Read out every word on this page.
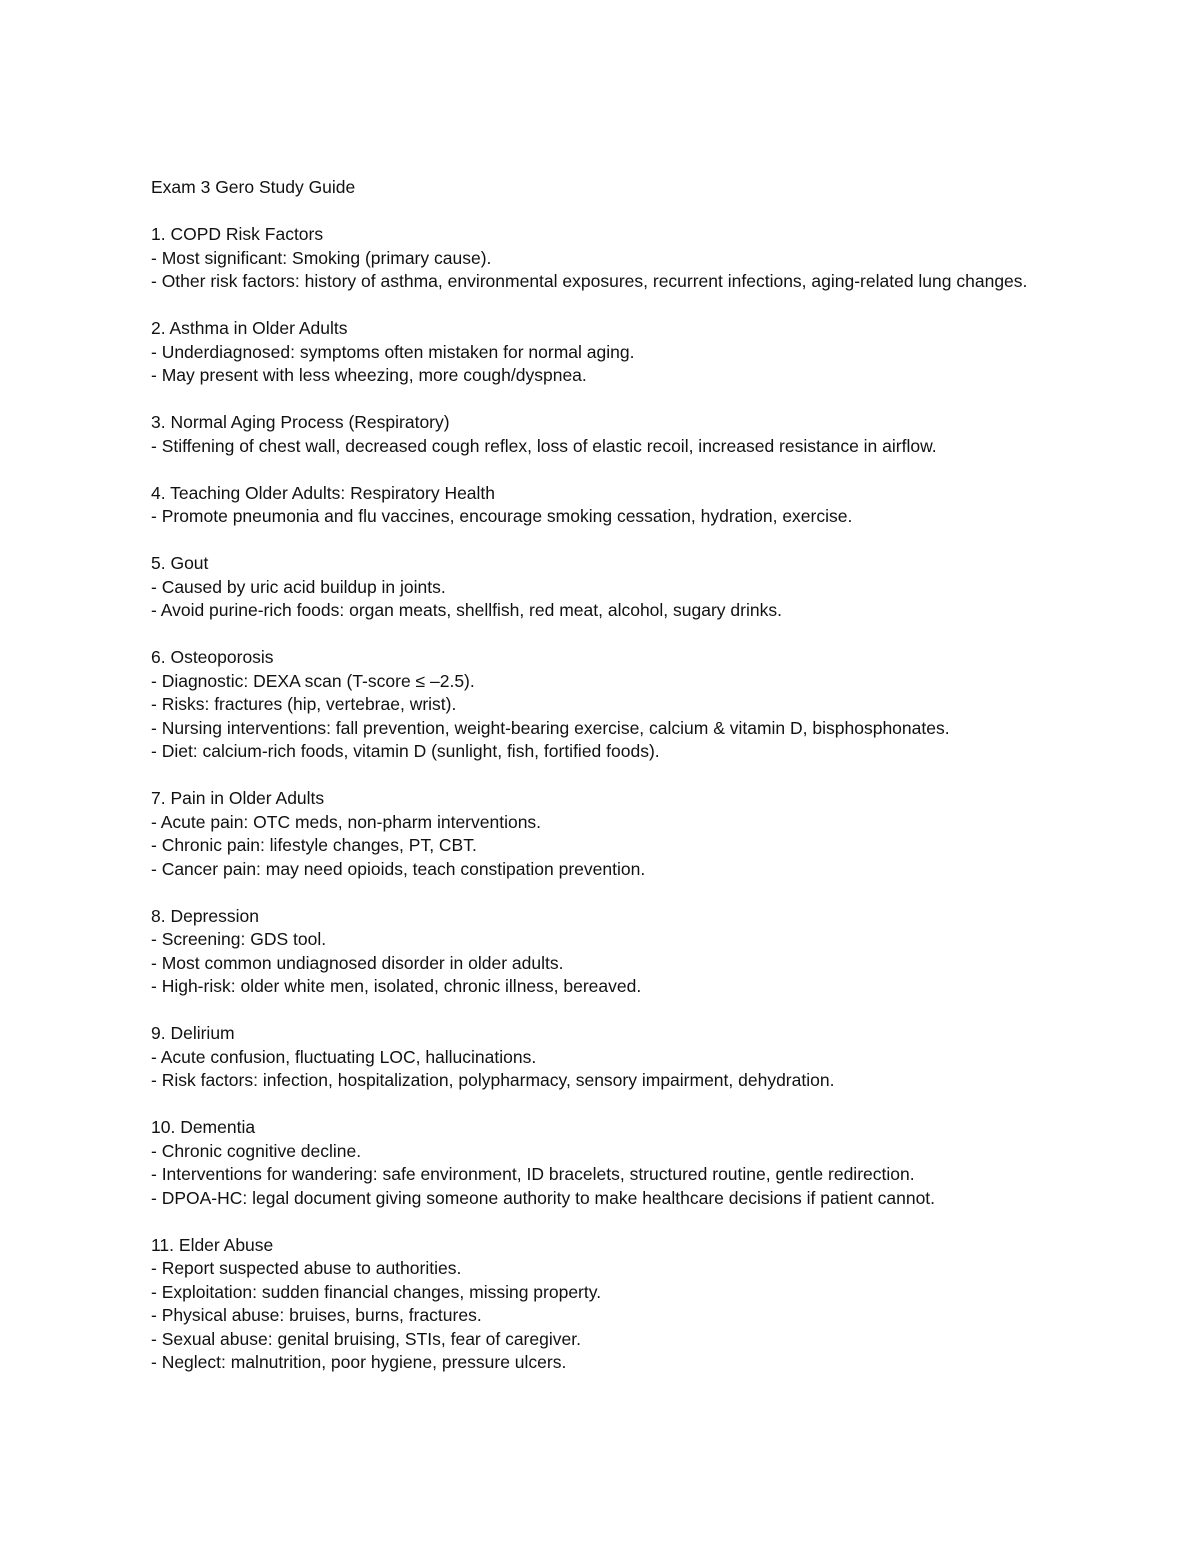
Exam 3 Gero Study Guide
1. COPD Risk Factors

- Most significant: Smoking (primary cause).

- Other risk factors: history of asthma, environmental exposures, recurrent infections, aging-related lung changes.

2. Asthma in Older Adults

- Underdiagnosed: symptoms often mistaken for normal aging.

- May present with less wheezing, more cough/dyspnea.

3. Normal Aging Process (Respiratory)

- Stiffening of chest wall, decreased cough reflex, loss of elastic recoil, increased resistance in airflow.

4. Teaching Older Adults: Respiratory Health

- Promote pneumonia and flu vaccines, encourage smoking cessation, hydration, exercise.

5. Gout

- Caused by uric acid buildup in joints.

- Avoid purine-rich foods: organ meats, shellfish, red meat, alcohol, sugary drinks.

6. Osteoporosis

- Diagnostic: DEXA scan (T-score ≤ –2.5).

- Risks: fractures (hip, vertebrae, wrist).

- Nursing interventions: fall prevention, weight-bearing exercise, calcium & vitamin D, bisphosphonates.

- Diet: calcium-rich foods, vitamin D (sunlight, fish, fortified foods).

7. Pain in Older Adults

- Acute pain: OTC meds, non-pharm interventions.

- Chronic pain: lifestyle changes, PT, CBT.

- Cancer pain: may need opioids, teach constipation prevention.

8. Depression

- Screening: GDS tool.

- Most common undiagnosed disorder in older adults.

- High-risk: older white men, isolated, chronic illness, bereaved.

9. Delirium

- Acute confusion, fluctuating LOC, hallucinations.

- Risk factors: infection, hospitalization, polypharmacy, sensory impairment, dehydration.

10. Dementia

- Chronic cognitive decline.

- Interventions for wandering: safe environment, ID bracelets, structured routine, gentle redirection.

- DPOA-HC: legal document giving someone authority to make healthcare decisions if patient cannot.

11. Elder Abuse

- Report suspected abuse to authorities.

- Exploitation: sudden financial changes, missing property.

- Physical abuse: bruises, burns, fractures.

- Sexual abuse: genital bruising, STIs, fear of caregiver.

- Neglect: malnutrition, poor hygiene, pressure ulcers.
